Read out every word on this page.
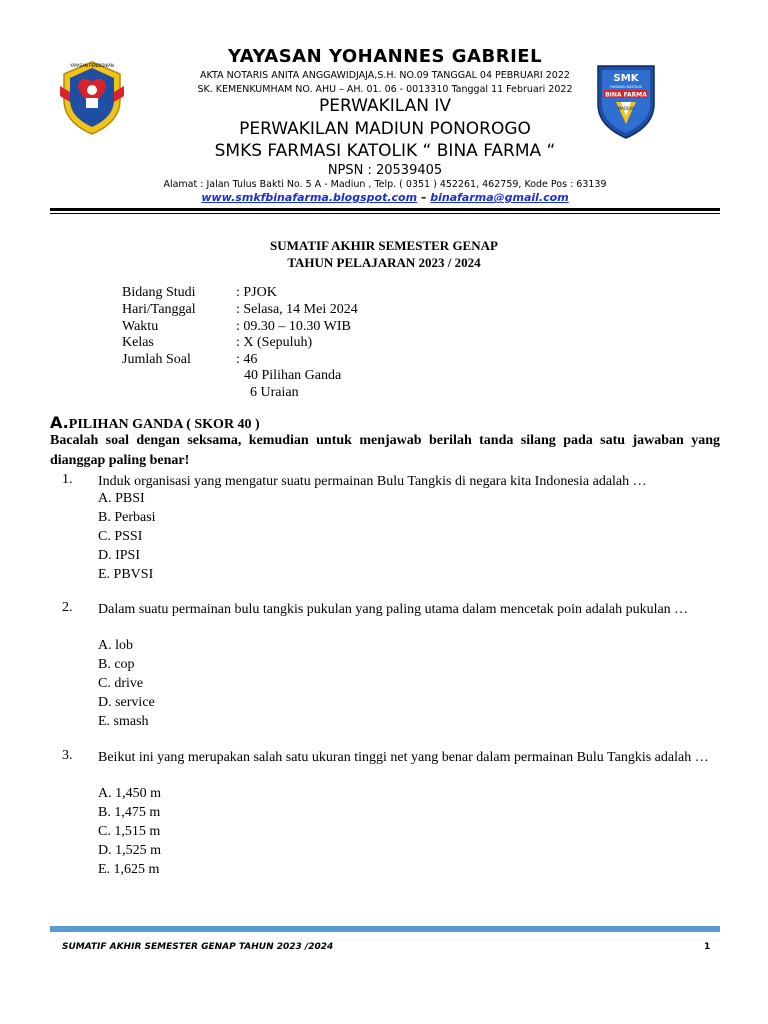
YAYASAN PENDIDIKAN
SMK
FARMASI KATOLIK
BINA FARMA
MADIUN
YAYASAN YOHANNES GABRIEL
AKTA NOTARIS ANITA ANGGAWIDJAJA,S.H. NO.09 TANGGAL 04 PEBRUARI 2022
SK. KEMENKUMHAM NO. AHU – AH. 01. 06 - 0013310 Tanggal 11 Februari 2022
PERWAKILAN IV
PERWAKILAN MADIUN PONOROGO
SMKS FARMASI KATOLIK “ BINA FARMA “
NPSN : 20539405
Alamat : Jalan Tulus Bakti No. 5 A - Madiun , Telp. ( 0351 ) 452261, 462759, Kode Pos : 63139
www.smkfbinafarma.blogspot.com – binafarma@gmail.com
SUMATIF AKHIR SEMESTER GENAP
TAHUN PELAJARAN 2023 / 2024
Bidang Studi	: PJOK
Hari/Tanggal	: Selasa, 14 Mei 2024
Waktu	: 09.30 – 10.30 WIB
Kelas	: X (Sepuluh)
Jumlah Soal	: 46
40 Pilihan Ganda
6 Uraian
A.PILIHAN GANDA ( SKOR 40 )
Bacalah soal dengan seksama, kemudian untuk menjawab berilah tanda silang pada satu jawaban yang dianggap paling benar!
1. Induk organisasi yang mengatur suatu permainan Bulu Tangkis di negara kita Indonesia adalah …
A. PBSI
B. Perbasi
C. PSSI
D. IPSI
E. PBVSI
2. Dalam suatu permainan bulu tangkis pukulan yang paling utama dalam mencetak poin adalah pukulan …
A. lob
B. cop
C. drive
D. service
E. smash
3. Beikut ini yang merupakan salah satu ukuran tinggi net yang benar dalam permainan Bulu Tangkis adalah …
A. 1,450 m
B. 1,475 m
C. 1,515 m
D. 1,525 m
E. 1,625 m
SUMATIF AKHIR SEMESTER GENAP TAHUN 2023 /2024	1
